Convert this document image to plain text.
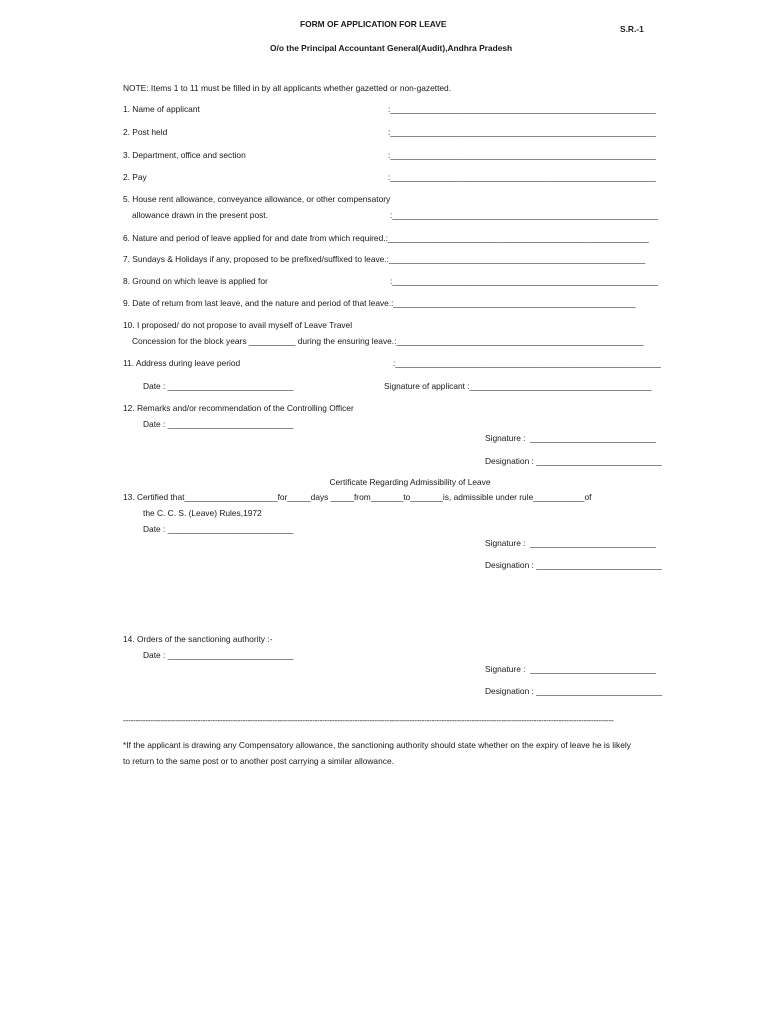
FORM OF APPLICATION FOR LEAVE	S.R.-1
O/o the Principal Accountant General(Audit),Andhra Pradesh
NOTE: Items 1 to 11 must be filled in by all applicants whether gazetted or non-gazetted.
1. Name of applicant	:_________________________________________________________
2. Post held	:_________________________________________________________
3. Department, office and section	:_________________________________________________________
2. Pay	:_________________________________________________________
5. House rent allowance, conveyance allowance, or other compensatory
allowance drawn in the present post.	:_________________________________________________________
6. Nature and period of leave applied for and date from which required.:________________________________________________________
7. Sundays & Holidays if any, proposed to be prefixed/suffixed to leave.:_______________________________________________________
8. Ground on which leave is applied for	:_________________________________________________________
9. Date of return from last leave, and the nature and period of that leave.:____________________________________________________
10. I proposed/ do not propose to avail myself of Leave Travel
Concession for the block years __________ during the ensuring leave.:_____________________________________________________
11. Address during leave period	:_________________________________________________________
Date : ___________________________	Signature of applicant :_______________________________________
12. Remarks and/or recommendation of the Controlling Officer
Date : ___________________________
Signature :  ___________________________
Designation : ___________________________
Certificate Regarding Admissibility of Leave
13. Certified that____________________for_____days _____from_______to_______is, admissible under rule___________of
the C. C. S. (Leave) Rules,1972
Date : ___________________________
Signature :  ___________________________
Designation : ___________________________
14. Orders of the sanctioning authority :-
Date : ___________________________
Signature :  ___________________________
Designation : ___________________________
-----------------------------------------------------------------------------------------------------------------------------------------------------------------------------------------------------
*If the applicant is drawing any Compensatory allowance, the sanctioning authority should state whether on the expiry of leave he is likely
to return to the same post or to another post carrying a similar allowance.
